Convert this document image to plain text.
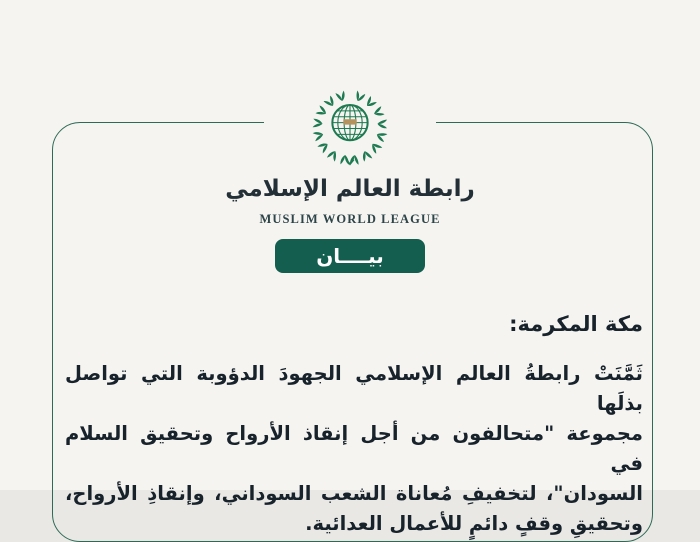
رابطة العالم الإسلامي
MUSLIM WORLD LEAGUE
بيــــان
مكة المكرمة:
ثَمَّنَتْ رابطةُ العالم الإسلامي الجهودَ الدؤوبة التي تواصل بذلَها
مجموعة "متحالفون من أجل إنقاذ الأرواح وتحقيق السلام في
السودان"، لتخفيفِ مُعاناة الشعب السوداني، وإنقاذِ الأرواح،
وتحقيقِ وقفٍ دائمٍ للأعمال العدائية.
